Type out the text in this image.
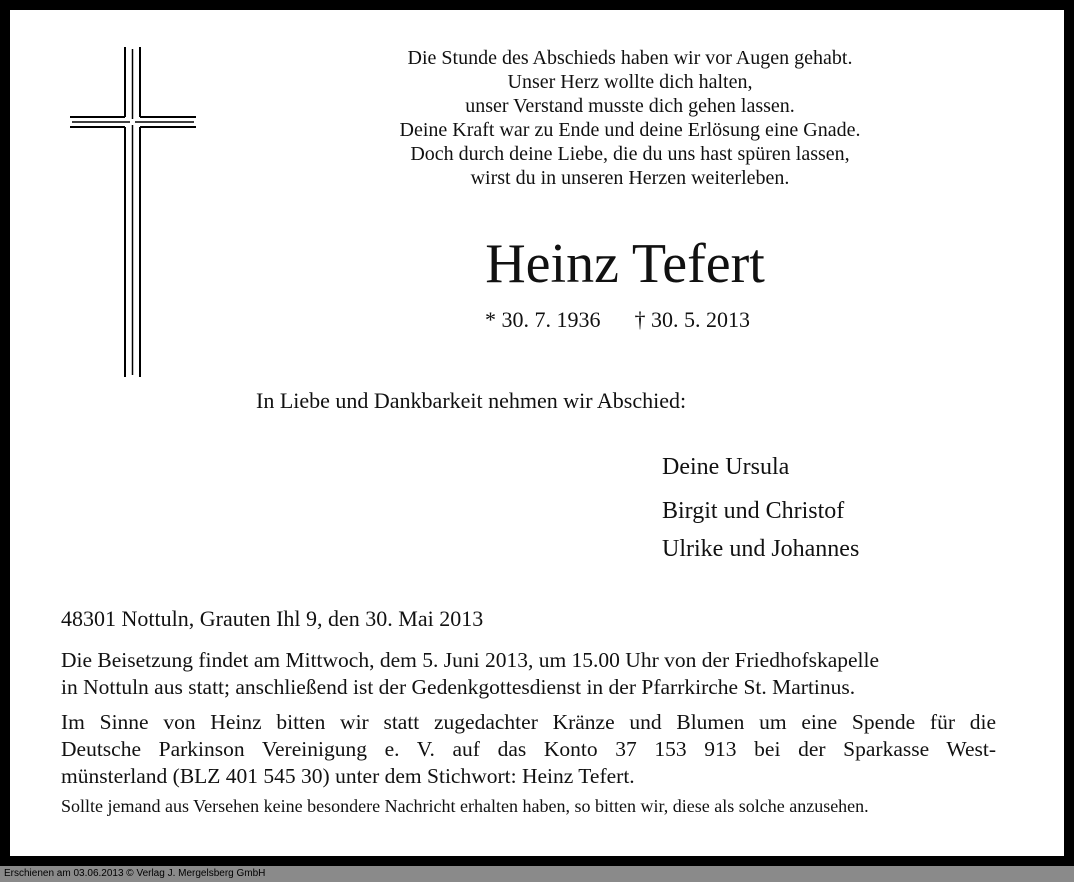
Die Stunde des Abschieds haben wir vor Augen gehabt.
Unser Herz wollte dich halten,
unser Verstand musste dich gehen lassen.
Deine Kraft war zu Ende und deine Erlösung eine Gnade.
Doch durch deine Liebe, die du uns hast spüren lassen,
wirst du in unseren Herzen weiterleben.
Heinz Tefert
* 30. 7. 1936 † 30. 5. 2013
In Liebe und Dankbarkeit nehmen wir Abschied:
Deine Ursula
Birgit und Christof
Ulrike und Johannes
48301 Nottuln, Grauten Ihl 9, den 30. Mai 2013
Die Beisetzung findet am Mittwoch, dem 5. Juni 2013, um 15.00 Uhr von der Friedhofskapelle
in Nottuln aus statt; anschließend ist der Gedenkgottesdienst in der Pfarrkirche St. Martinus.
Im Sinne von Heinz bitten wir statt zugedachter Kränze und Blumen um eine Spende für die
Deutsche Parkinson Vereinigung e. V. auf das Konto 37 153 913 bei der Sparkasse West-
münsterland (BLZ 401 545 30) unter dem Stichwort: Heinz Tefert.
Sollte jemand aus Versehen keine besondere Nachricht erhalten haben, so bitten wir, diese als solche anzusehen.
Erschienen am 03.06.2013 © Verlag J. Mergelsberg GmbH
